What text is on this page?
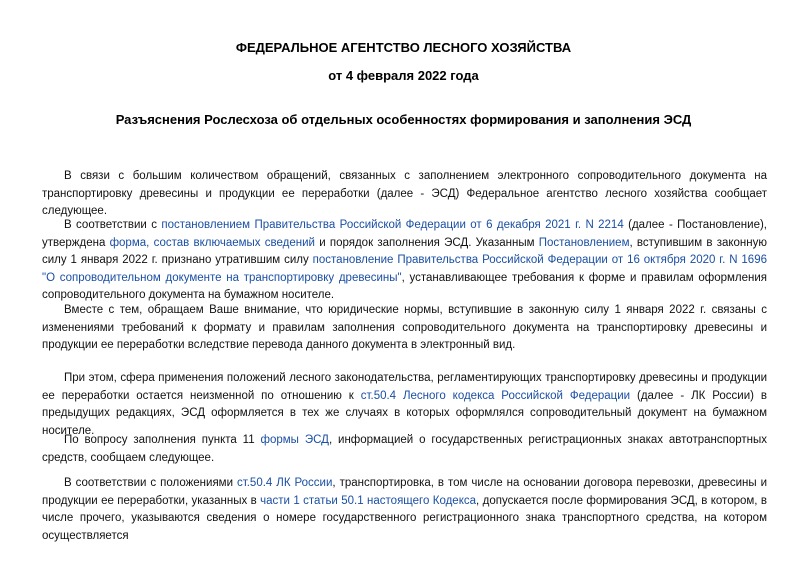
ФЕДЕРАЛЬНОЕ АГЕНТСТВО ЛЕСНОГО ХОЗЯЙСТВА
от 4 февраля 2022 года
Разъяснения Рослесхоза об отдельных особенностях формирования и заполнения ЭСД

В связи с большим количеством обращений, связанных с заполнением электронного сопроводительного документа на транспортировку древесины и продукции ее переработки (далее - ЭСД) Федеральное агентство лесного хозяйства сообщает следующее.

В соответствии с постановлением Правительства Российской Федерации от 6 декабря 2021 г. N 2214 (далее - Постановление), утверждена форма, состав включаемых сведений и порядок заполнения ЭСД. Указанным Постановлением, вступившим в законную силу 1 января 2022 г. признано утратившим силу постановление Правительства Российской Федерации от 16 октября 2020 г. N 1696 "О сопроводительном документе на транспортировку древесины", устанавливающее требования к форме и правилам оформления сопроводительного документа на бумажном носителе.

Вместе с тем, обращаем Ваше внимание, что юридические нормы, вступившие в законную силу 1 января 2022 г. связаны с изменениями требований к формату и правилам заполнения сопроводительного документа на транспортировку древесины и продукции ее переработки вследствие перевода данного документа в электронный вид.

При этом, сфера применения положений лесного законодательства, регламентирующих транспортировку древесины и продукции ее переработки остается неизменной по отношению к ст.50.4 Лесного кодекса Российской Федерации (далее - ЛК России) в предыдущих редакциях, ЭСД оформляется в тех же случаях в которых оформлялся сопроводительный документ на бумажном носителе.

По вопросу заполнения пункта 11 формы ЭСД, информацией о государственных регистрационных знаках автотранспортных средств, сообщаем следующее.

В соответствии с положениями ст.50.4 ЛК России, транспортировка, в том числе на основании договора перевозки, древесины и продукции ее переработки, указанных в части 1 статьи 50.1 настоящего Кодекса, допускается после формирования ЭСД, в котором, в числе прочего, указываются сведения о номере государственного регистрационного знака транспортного средства, на котором осуществляется
